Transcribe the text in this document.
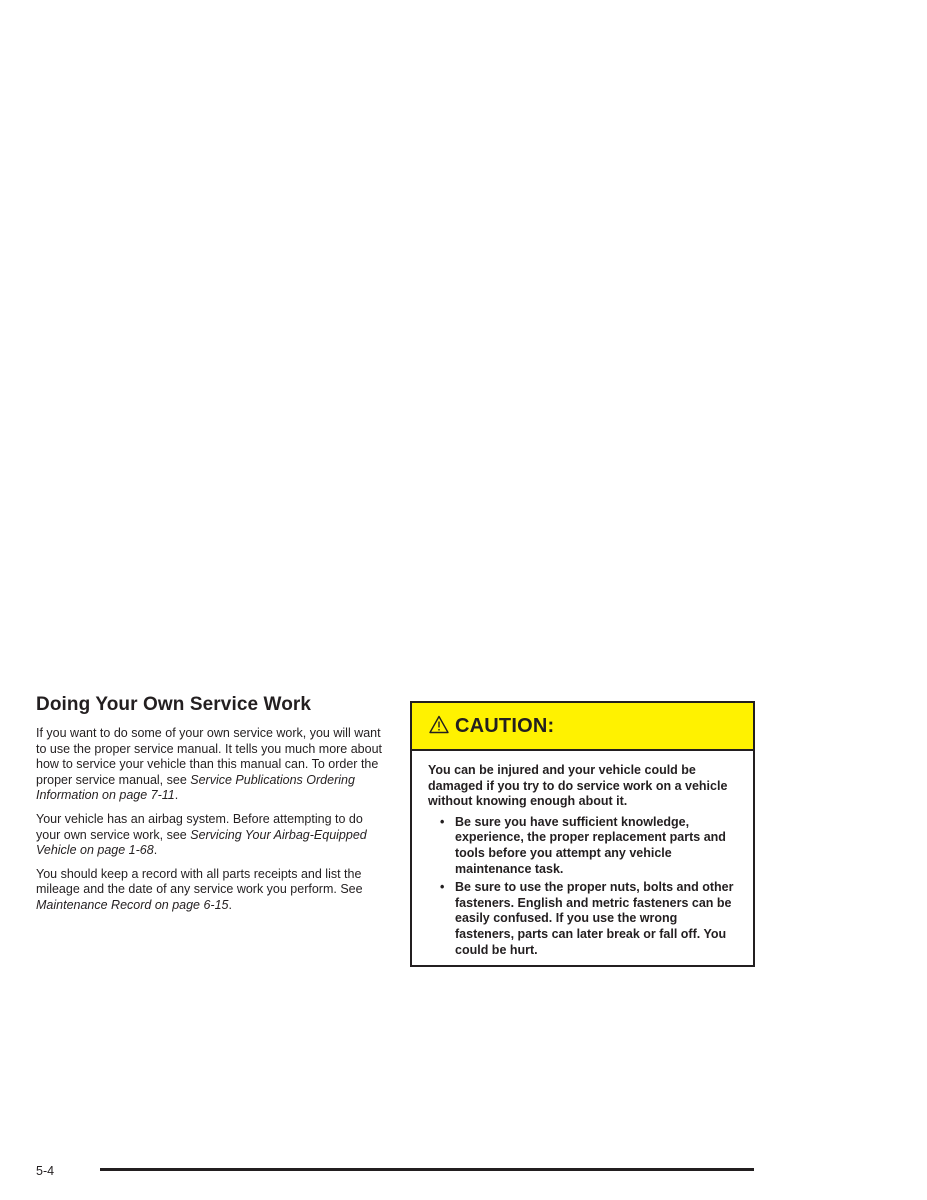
Doing Your Own Service Work

If you want to do some of your own service work, you will want to use the proper service manual. It tells you much more about how to service your vehicle than this manual can. To order the proper service manual, see Service Publications Ordering Information on page 7-11.

Your vehicle has an airbag system. Before attempting to do your own service work, see Servicing Your Airbag-Equipped Vehicle on page 1-68.

You should keep a record with all parts receipts and list the mileage and the date of any service work you perform. See Maintenance Record on page 6-15.

CAUTION:

You can be injured and your vehicle could be damaged if you try to do service work on a vehicle without knowing enough about it.

• Be sure you have sufficient knowledge, experience, the proper replacement parts and tools before you attempt any vehicle maintenance task.
• Be sure to use the proper nuts, bolts and other fasteners. English and metric fasteners can be easily confused. If you use the wrong fasteners, parts can later break or fall off. You could be hurt.
5-4
